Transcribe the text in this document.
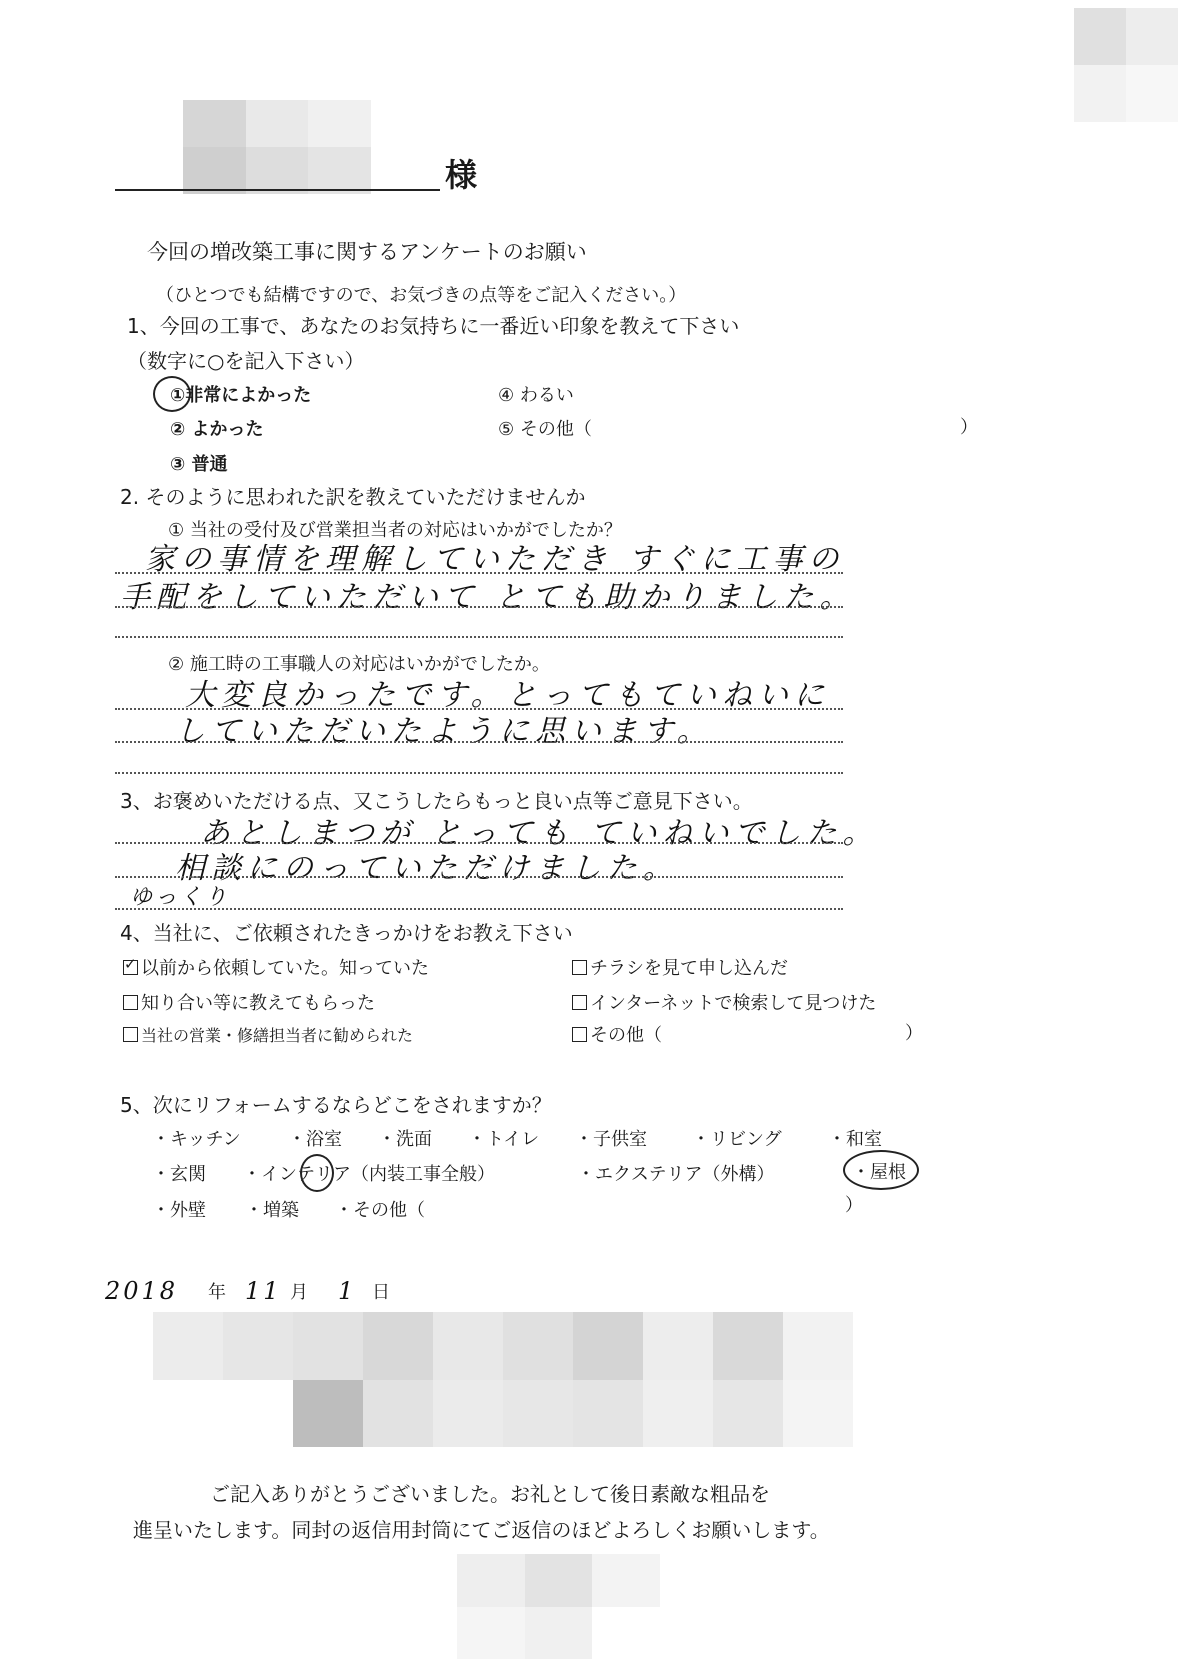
様
今回の増改築工事に関するアンケートのお願い
（ひとつでも結構ですので、お気づきの点等をご記入ください。）
1、今回の工事で、あなたのお気持ちに一番近い印象を教えて下さい
（数字に○を記入下さい）
①非常によかった
② よかった
③ 普通
④ わるい
⑤ その他（	）
2. そのように思われた訳を教えていただけませんか
① 当社の受付及び営業担当者の対応はいかがでしたか？
家の事情を理解していただき すぐに工事の
手配をしていただいて とても助かりました。
② 施工時の工事職人の対応はいかがでしたか。
大変良かったです。とってもていねいに
していただいたように思います。
3、お褒めいただける点、又こうしたらもっと良い点等ご意見下さい。
あとしまつが とっても ていねいでした。
相談にのっていただけました。
ゆっくり
4、当社に、ご依頼されたきっかけをお教え下さい
✓以前から依頼していた。知っていた	チラシを見て申し込んだ
知り合い等に教えてもらった	インターネットで検索して見つけた
当社の営業・修繕担当者に勧められた	その他（	）
5、次にリフォームするならどこをされますか？
・キッチン	・浴室 ・洗面 ・トイレ ・子供室	・リビング	・和室
・玄関 ・インテリア（内装工事全般）	・エクステリア（外構）	・屋根
・外壁 ・増築 ・その他（	）
2018 年 11 月 1 日
ご記入ありがとうございました。お礼として後日素敵な粗品を
進呈いたします。同封の返信用封筒にてご返信のほどよろしくお願いします。
